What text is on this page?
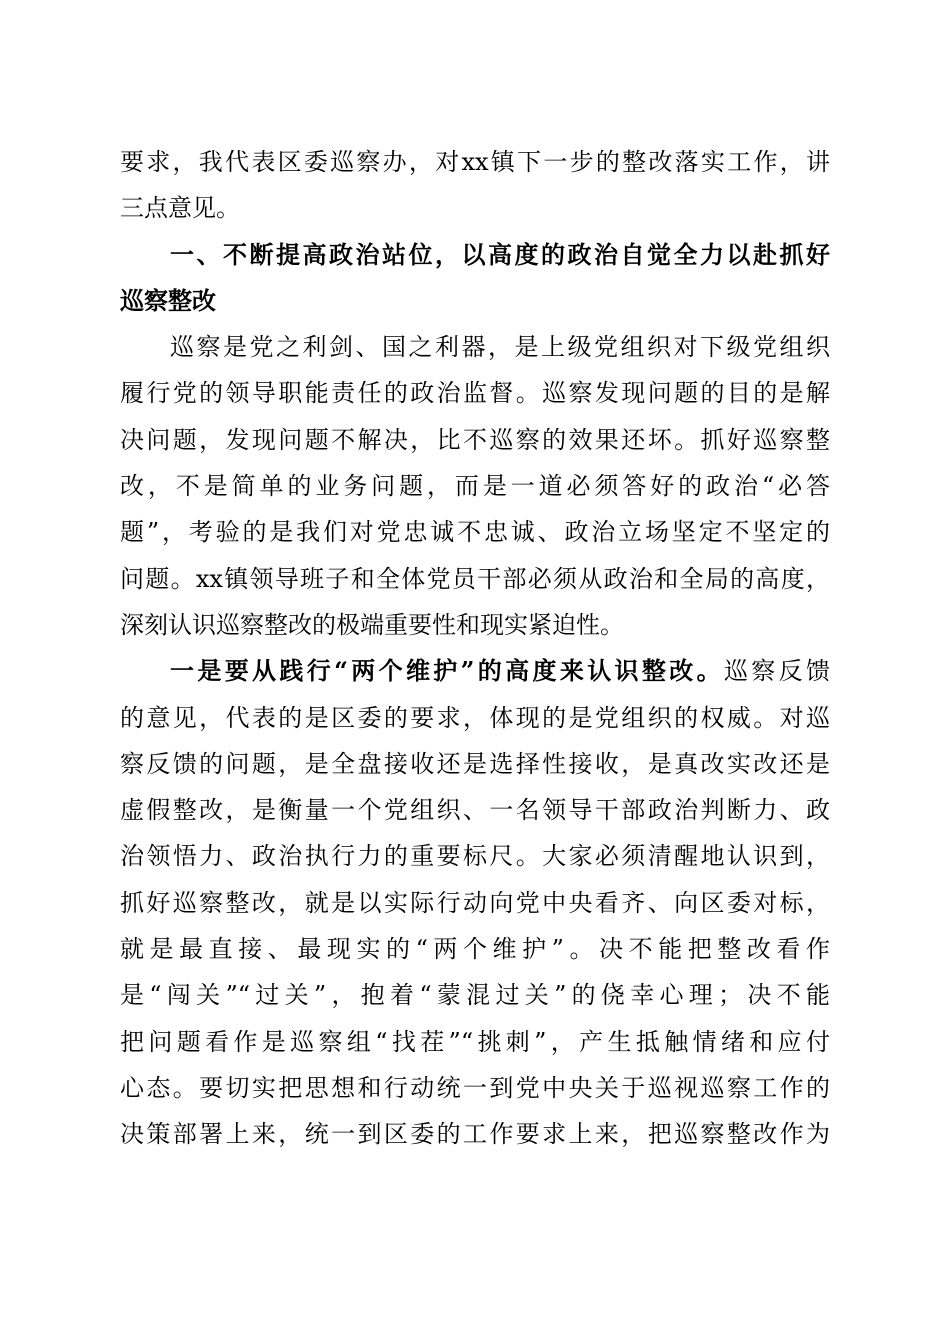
要求，我代表区委巡察办，对xx镇下一步的整改落实工作，讲
三点意见。
一、不断提高政治站位，以高度的政治自觉全力以赴抓好
巡察整改
巡察是党之利剑、国之利器，是上级党组织对下级党组织
履行党的领导职能责任的政治监督。巡察发现问题的目的是解
决问题，发现问题不解决，比不巡察的效果还坏。抓好巡察整
改，不是简单的业务问题，而是一道必须答好的政治“必答
题”，考验的是我们对党忠诚不忠诚、政治立场坚定不坚定的
问题。xx镇领导班子和全体党员干部必须从政治和全局的高度，
深刻认识巡察整改的极端重要性和现实紧迫性。
一是要从践行“两个维护”的高度来认识整改。巡察反馈
的意见，代表的是区委的要求，体现的是党组织的权威。对巡
察反馈的问题，是全盘接收还是选择性接收，是真改实改还是
虚假整改，是衡量一个党组织、一名领导干部政治判断力、政
治领悟力、政治执行力的重要标尺。大家必须清醒地认识到，
抓好巡察整改，就是以实际行动向党中央看齐、向区委对标，
就是最直接、最现实的“两个维护”。决不能把整改看作
是“闯关”“过关”，抱着“蒙混过关”的侥幸心理；决不能
把问题看作是巡察组“找茬”“挑刺”，产生抵触情绪和应付
心态。要切实把思想和行动统一到党中央关于巡视巡察工作的
决策部署上来，统一到区委的工作要求上来，把巡察整改作为
